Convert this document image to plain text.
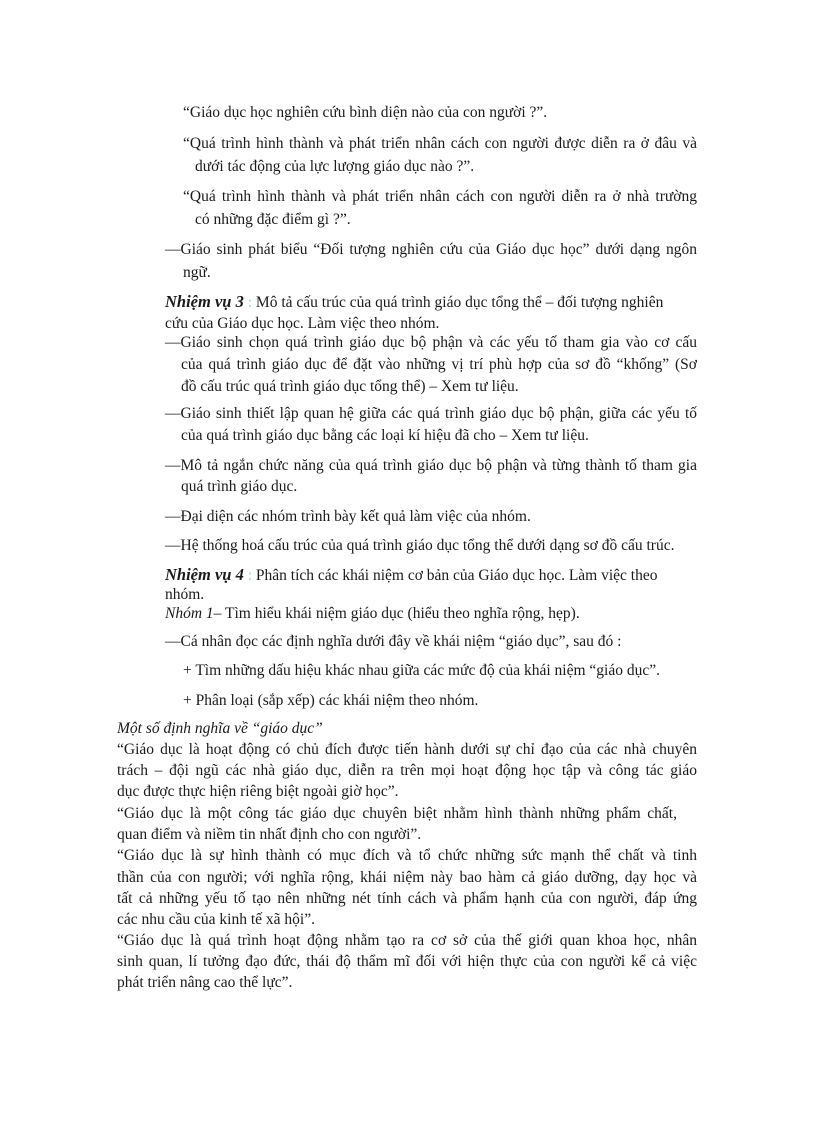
“Giáo dục học nghiên cứu bình diện nào của con người ?”.
“Quá trình hình thành và phát triển nhân cách con người được diễn ra ở đâu và
dưới tác động của lực lượng giáo dục nào ?”.
“Quá trình hình thành và phát triển nhân cách con người diễn ra ở nhà trường
có những đặc điểm gì ?”.
—Giáo sinh phát biểu “Đối tượng nghiên cứu của Giáo dục học” dưới dạng ngôn
ngữ.
Nhiệm vụ 3 : Mô tả cấu trúc của quá trình giáo dục tổng thể – đối tượng nghiên
cứu của Giáo dục học. Làm việc theo nhóm.
—Giáo sinh chọn quá trình giáo dục bộ phận và các yếu tố tham gia vào cơ cấu
của quá trình giáo dục để đặt vào những vị trí phù hợp của sơ đồ “khống” (Sơ
đồ cấu trúc quá trình giáo dục tổng thể) – Xem tư liệu.
—Giáo sinh thiết lập quan hệ giữa các quá trình giáo dục bộ phận, giữa các yếu tố
của quá trình giáo dục bằng các loại kí hiệu đã cho – Xem tư liệu.
—Mô tả ngắn chức năng của quá trình giáo dục bộ phận và từng thành tố tham gia
quá trình giáo dục.
—Đại diện các nhóm trình bày kết quả làm việc của nhóm.
—Hệ thống hoá cấu trúc của quá trình giáo dục tổng thể dưới dạng sơ đồ cấu trúc.
Nhiệm vụ 4 : Phân tích các khái niệm cơ bản của Giáo dục học. Làm việc theo
nhóm.
Nhóm 1– Tìm hiểu khái niệm giáo dục (hiểu theo nghĩa rộng, hẹp).
—Cá nhân đọc các định nghĩa dưới đây về khái niệm “giáo dục”, sau đó :
+ Tìm những dấu hiệu khác nhau giữa các mức độ của khái niệm “giáo dục”.
+ Phân loại (sắp xếp) các khái niệm theo nhóm.
Một số định nghĩa về “giáo dục”
“Giáo dục là hoạt động có chủ đích được tiến hành dưới sự chỉ đạo của các nhà chuyên
trách – đội ngũ các nhà giáo dục, diễn ra trên mọi hoạt động học tập và công tác giáo
dục được thực hiện riêng biệt ngoài giờ học”.
“Giáo dục là một công tác giáo dục chuyên biệt nhằm hình thành những phẩm chất,
quan điểm và niềm tin nhất định cho con người”.
“Giáo dục là sự hình thành có mục đích và tổ chức những sức mạnh thể chất và tinh
thần của con người; với nghĩa rộng, khái niệm này bao hàm cả giáo dưỡng, dạy học và
tất cả những yếu tố tạo nên những nét tính cách và phẩm hạnh của con người, đáp ứng
các nhu cầu của kinh tế xã hội”.
“Giáo dục là quá trình hoạt động nhằm tạo ra cơ sở của thế giới quan khoa học, nhân
sinh quan, lí tưởng đạo đức, thái độ thẩm mĩ đối với hiện thực của con người kể cả việc
phát triển nâng cao thể lực”.
